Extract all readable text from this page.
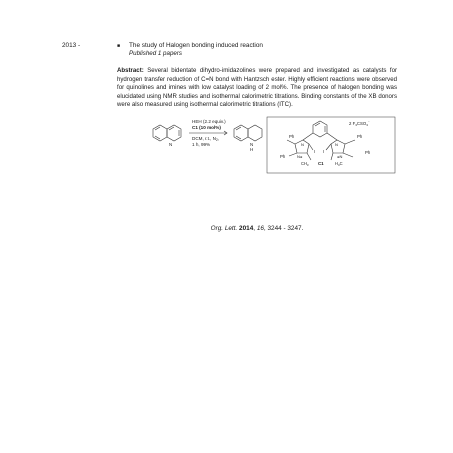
2013 -	■ The study of Halogen bonding induced reaction
Published 1 papers

Abstract: Several bidentate dihydro-imidazolines were prepared and investigated as catalysts for hydrogen transfer reduction of C=N bond with Hantzsch ester. Highly efficient reactions were observed for quinolines and imines with low catalyst loading of 2 mol%. The presence of halogen bonding was elucidated using NMR studies and isothermal calorimetric titrations. Binding constants of the XB donors were also measured using isothermal calorimetric titrations (ITC).

N	N
H
HEH (2.2 equiv.)
C1 (10 mol%)
DCM, r.t., $N_2$,
1 h, 99%
2 $F_3CSO_3^{^-}$
Ph
Ph
Ph
Ph
N	N
N⊕	⊕N
I I
$CH_3$	$H_3C$
C1
Org. Lett. 2014, 16, 3244 - 3247.
